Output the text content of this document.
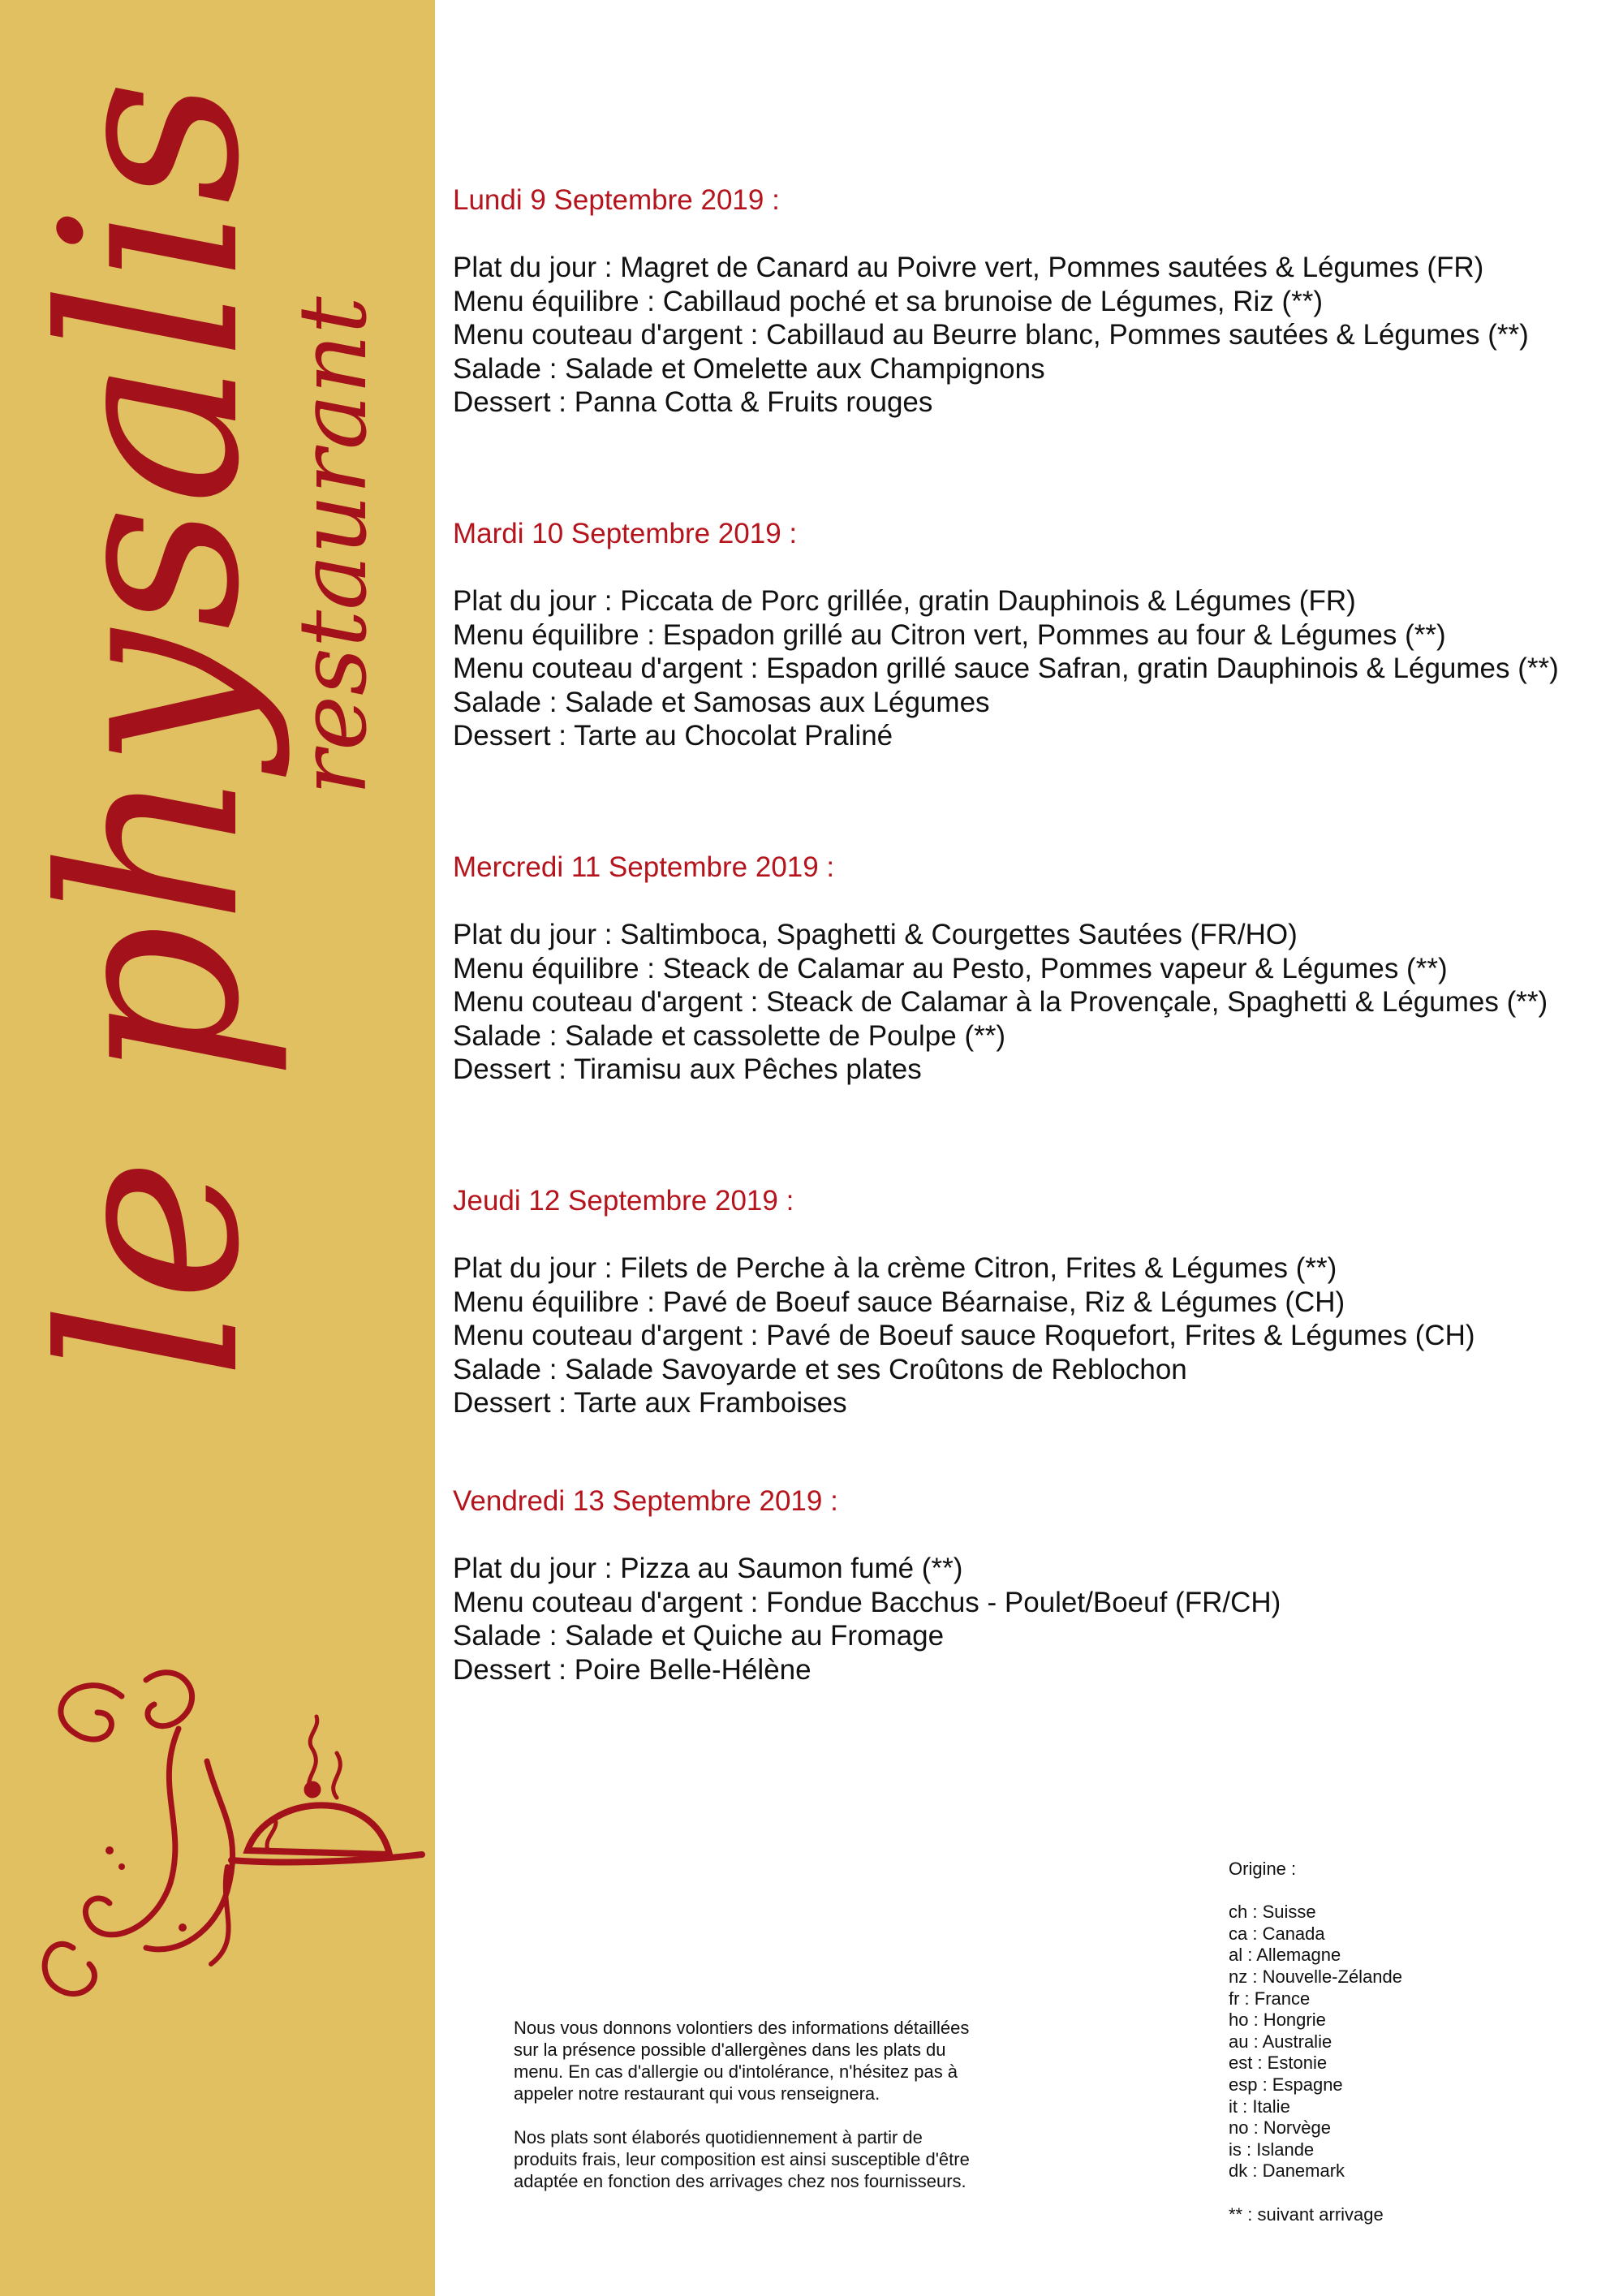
le physalis
restaurant
Lundi 9 Septembre 2019 :

Plat du jour : Magret de Canard au Poivre vert, Pommes sautées & Légumes (FR)

Menu équilibre : Cabillaud poché et sa brunoise de Légumes, Riz (**)

Menu couteau d'argent : Cabillaud au Beurre blanc, Pommes sautées & Légumes (**)

Salade : Salade et Omelette aux Champignons

Dessert : Panna Cotta & Fruits rouges

Mardi 10 Septembre 2019 :

Plat du jour : Piccata de Porc grillée, gratin Dauphinois & Légumes (FR)

Menu équilibre : Espadon grillé au Citron vert, Pommes au four & Légumes (**)

Menu couteau d'argent : Espadon grillé sauce Safran, gratin Dauphinois & Légumes (**)

Salade : Salade et Samosas aux Légumes

Dessert : Tarte au Chocolat Praliné

Mercredi 11 Septembre 2019 :

Plat du jour : Saltimboca, Spaghetti & Courgettes Sautées (FR/HO)

Menu équilibre : Steack de Calamar au Pesto, Pommes vapeur & Légumes (**)

Menu couteau d'argent : Steack de Calamar à la Provençale, Spaghetti & Légumes (**)

Salade : Salade et cassolette de Poulpe (**)

Dessert : Tiramisu aux Pêches plates

Jeudi 12 Septembre 2019 :

Plat du jour : Filets de Perche à la crème Citron, Frites & Légumes (**)

Menu équilibre : Pavé de Boeuf sauce Béarnaise, Riz & Légumes (CH)

Menu couteau d'argent : Pavé de Boeuf sauce Roquefort, Frites & Légumes (CH)

Salade : Salade Savoyarde et ses Croûtons de Reblochon

Dessert : Tarte aux Framboises

Vendredi 13 Septembre 2019 :

Plat du jour : Pizza au Saumon fumé (**)

Menu couteau d'argent : Fondue Bacchus - Poulet/Boeuf (FR/CH)

Salade : Salade et Quiche au Fromage

Dessert : Poire Belle-Hélène

Nous vous donnons volontiers des informations détaillées
sur la présence possible d'allergènes dans les plats du
menu. En cas d'allergie ou d'intolérance, n'hésitez pas à
appeler notre restaurant qui vous renseignera.

Nos plats sont élaborés quotidiennement à partir de
produits frais, leur composition est ainsi susceptible d'être
adaptée en fonction des arrivages chez nos fournisseurs.

Origine :

ch : Suisse

ca : Canada

al : Allemagne

nz : Nouvelle-Zélande

fr : France

ho : Hongrie

au : Australie

est : Estonie

esp : Espagne

it : Italie

no : Norvège

is : Islande

dk : Danemark

** : suivant arrivage
